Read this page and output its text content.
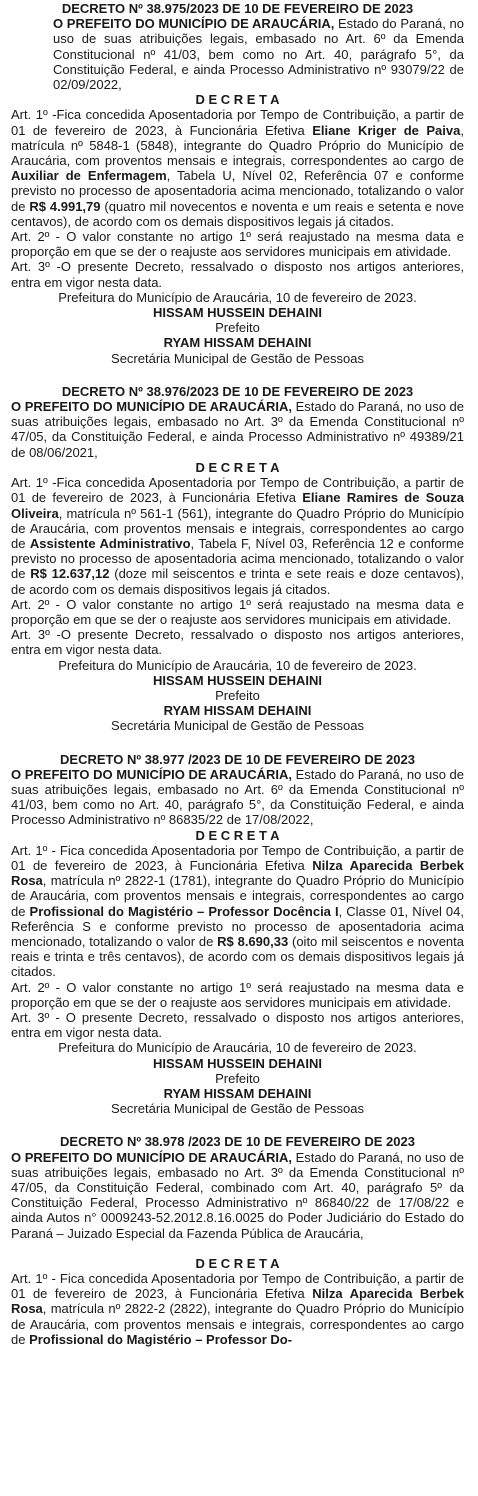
DECRETO Nº 38.975/2023 DE 10 DE FEVEREIRO DE 2023

O PREFEITO DO MUNICÍPIO DE ARAUCÁRIA, Estado do Paraná, no uso de suas atribuições legais, embasado no Art. 6º da Emenda Constitucional nº 41/03, bem como no Art. 40, parágrafo 5°, da Constituição Federal, e ainda Processo Administrativo nº 93079/22 de 02/09/2022,

D E C R E T A

Art. 1º -Fica concedida Aposentadoria por Tempo de Contribuição, a partir de 01 de fevereiro de 2023, à Funcionária Efetiva Eliane Kriger de Paiva, matrícula nº 5848-1 (5848), integrante do Quadro Próprio do Município de Araucária, com proventos mensais e integrais, correspondentes ao cargo de Auxiliar de Enfermagem, Tabela U, Nível 02, Referência 07 e conforme previsto no processo de aposentadoria acima mencionado, totalizando o valor de R$ 4.991,79 (quatro mil novecentos e noventa e um reais e setenta e nove centavos), de acordo com os demais dispositivos legais já citados.

Art. 2º - O valor constante no artigo 1º será reajustado na mesma data e proporção em que se der o reajuste aos servidores municipais em atividade.

Art. 3º -O presente Decreto, ressalvado o disposto nos artigos anteriores, entra em vigor nesta data.

Prefeitura do Município de Araucária, 10 de fevereiro de 2023.

HISSAM HUSSEIN DEHAINI

Prefeito

RYAM HISSAM DEHAINI

Secretária Municipal de Gestão de Pessoas

DECRETO Nº 38.976/2023 DE 10 DE FEVEREIRO DE 2023

O PREFEITO DO MUNICÍPIO DE ARAUCÁRIA, Estado do Paraná, no uso de suas atribuições legais, embasado no Art. 3º da Emenda Constitucional nº 47/05, da Constituição Federal, e ainda Processo Administrativo nº 49389/21 de 08/06/2021,

D E C R E T A

Art. 1º -Fica concedida Aposentadoria por Tempo de Contribuição, a partir de 01 de fevereiro de 2023, à Funcionária Efetiva Eliane Ramires de Souza Oliveira, matrícula nº 561-1 (561), integrante do Quadro Próprio do Município de Araucária, com proventos mensais e integrais, correspondentes ao cargo de Assistente Administrativo, Tabela F, Nível 03, Referência 12 e conforme previsto no processo de aposentadoria acima mencionado, totalizando o valor de R$ 12.637,12 (doze mil seiscentos e trinta e sete reais e doze centavos), de acordo com os demais dispositivos legais já citados.

Art. 2º - O valor constante no artigo 1º será reajustado na mesma data e proporção em que se der o reajuste aos servidores municipais em atividade.

Art. 3º -O presente Decreto, ressalvado o disposto nos artigos anteriores, entra em vigor nesta data.

Prefeitura do Município de Araucária, 10 de fevereiro de 2023.

HISSAM HUSSEIN DEHAINI

Prefeito

RYAM HISSAM DEHAINI

Secretária Municipal de Gestão de Pessoas

DECRETO Nº 38.977 /2023 DE 10 DE FEVEREIRO DE 2023

O PREFEITO DO MUNICÍPIO DE ARAUCÁRIA, Estado do Paraná, no uso de suas atribuições legais, embasado no Art. 6º da Emenda Constitucional nº 41/03, bem como no Art. 40, parágrafo 5°, da Constituição Federal, e ainda Processo Administrativo nº 86835/22 de 17/08/2022,

D E C R E T A

Art. 1º - Fica concedida Aposentadoria por Tempo de Contribuição, a partir de 01 de fevereiro de 2023, à Funcionária Efetiva Nilza Aparecida Berbek Rosa, matrícula nº 2822-1 (1781), integrante do Quadro Próprio do Município de Araucária, com proventos mensais e integrais, correspondentes ao cargo de Profissional do Magistério – Professor Docência I, Classe 01, Nível 04, Referência S e conforme previsto no processo de aposentadoria acima mencionado, totalizando o valor de R$ 8.690,33 (oito mil seiscentos e noventa reais e trinta e três centavos), de acordo com os demais dispositivos legais já citados.

Art. 2º - O valor constante no artigo 1º será reajustado na mesma data e proporção em que se der o reajuste aos servidores municipais em atividade.

Art. 3º - O presente Decreto, ressalvado o disposto nos artigos anteriores, entra em vigor nesta data.

Prefeitura do Município de Araucária, 10 de fevereiro de 2023.

HISSAM HUSSEIN DEHAINI

Prefeito

RYAM HISSAM DEHAINI

Secretária Municipal de Gestão de Pessoas

DECRETO Nº 38.978 /2023 DE 10 DE FEVEREIRO DE 2023

O PREFEITO DO MUNICÍPIO DE ARAUCÁRIA, Estado do Paraná, no uso de suas atribuições legais, embasado no Art. 3º da Emenda Constitucional nº 47/05, da Constituição Federal, combinado com Art. 40, parágrafo 5º da Constituição Federal, Processo Administrativo nº 86840/22 de 17/08/22 e ainda Autos n° 0009243-52.2012.8.16.0025 do Poder Judiciário do Estado do Paraná – Juizado Especial da Fazenda Pública de Araucária,

D E C R E T A

Art. 1º - Fica concedida Aposentadoria por Tempo de Contribuição, a partir de 01 de fevereiro de 2023, à Funcionária Efetiva Nilza Aparecida Berbek Rosa, matrícula nº 2822-2 (2822), integrante do Quadro Próprio do Município de Araucária, com proventos mensais e integrais, correspondentes ao cargo de Profissional do Magistério – Professor Do-
